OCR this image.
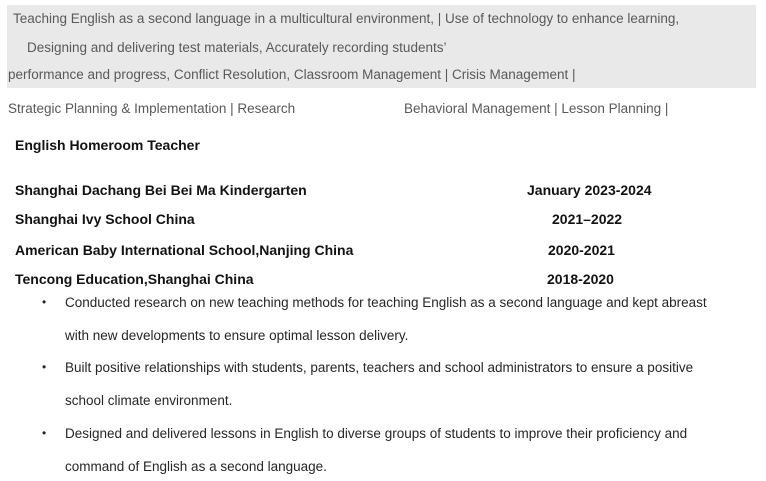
Teaching English as a second language in a multicultural environment, | Use of technology to enhance learning,
Designing and delivering test materials, Accurately recording students’
performance and progress, Conflict Resolution, Classroom Management | Crisis Management |
Strategic Planning & Implementation | Research	Behavioral Management | Lesson Planning |
English Homeroom Teacher
Shanghai Dachang Bei Bei Ma Kindergarten	January 2023-2024
Shanghai Ivy School China	2021–2022
American Baby International School,Nanjing China	2020-2021
Tencong Education,Shanghai China	2018-2020
• Conducted research on new teaching methods for teaching English as a second language and kept abreast
with new developments to ensure optimal lesson delivery.
• Built positive relationships with students, parents, teachers and school administrators to ensure a positive
school climate environment.
• Designed and delivered lessons in English to diverse groups of students to improve their proficiency and
command of English as a second language.
